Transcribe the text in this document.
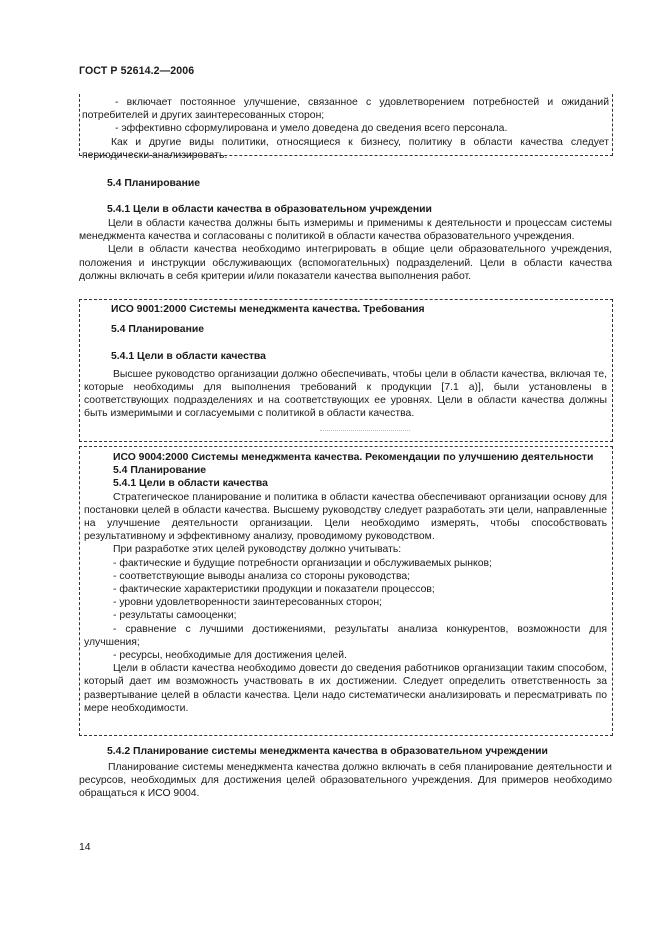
ГОСТ Р 52614.2—2006

- включает постоянное улучшение, связанное с удовлетворением потребностей и ожиданий потребителей и других заинтересованных сторон;

- эффективно сформулирована и умело доведена до сведения всего персонала.

Как и другие виды политики, относящиеся к бизнесу, политику в области качества следует периодически анализировать.

5.4 Планирование
5.4.1 Цели в области качества в образовательном учреждении

Цели в области качества должны быть измеримы и применимы к деятельности и процессам системы менеджмента качества и согласованы с политикой в области качества образовательного учреждения.

Цели в области качества необходимо интегрировать в общие цели образовательного учреждения, положения и инструкции обслуживающих (вспомогательных) подразделений. Цели в области качества должны включать в себя критерии и/или показатели качества выполнения работ.

ИСО 9001:2000 Системы менеджмента качества. Требования
5.4 Планирование
5.4.1 Цели в области качества

Высшее руководство организации должно обеспечивать, чтобы цели в области качества, включая те, которые необходимы для выполнения требований к продукции [7.1 а)], были установлены в соответствующих подразделениях и на соответствующих ее уровнях. Цели в области качества должны быть измеримыми и согласуемыми с политикой в области качества.

ИСО 9004:2000 Системы менеджмента качества. Рекомендации по улучшению деятельности

5.4 Планирование
5.4.1 Цели в области качества

Стратегическое планирование и политика в области качества обеспечивают организации основу для постановки целей в области качества. Высшему руководству следует разработать эти цели, направленные на улучшение деятельности организации. Цели необходимо измерять, чтобы способствовать результативному и эффективному анализу, проводимому руководством.

При разработке этих целей руководству должно учитывать:

- фактические и будущие потребности организации и обслуживаемых рынков;

- соответствующие выводы анализа со стороны руководства;

- фактические характеристики продукции и показатели процессов;

- уровни удовлетворенности заинтересованных сторон;

- результаты самооценки;

- сравнение с лучшими достижениями, результаты анализа конкурентов, возможности для улучшения;

- ресурсы, необходимые для достижения целей.

Цели в области качества необходимо довести до сведения работников организации таким способом, который дает им возможность участвовать в их достижении. Следует определить ответственность за развертывание целей в области качества. Цели надо систематически анализировать и пересматривать по мере необходимости.

5.4.2 Планирование системы менеджмента качества в образовательном учреждении

Планирование системы менеджмента качества должно включать в себя планирование деятельности и ресурсов, необходимых для достижения целей образовательного учреждения. Для примеров необходимо обращаться к ИСО 9004.

14
